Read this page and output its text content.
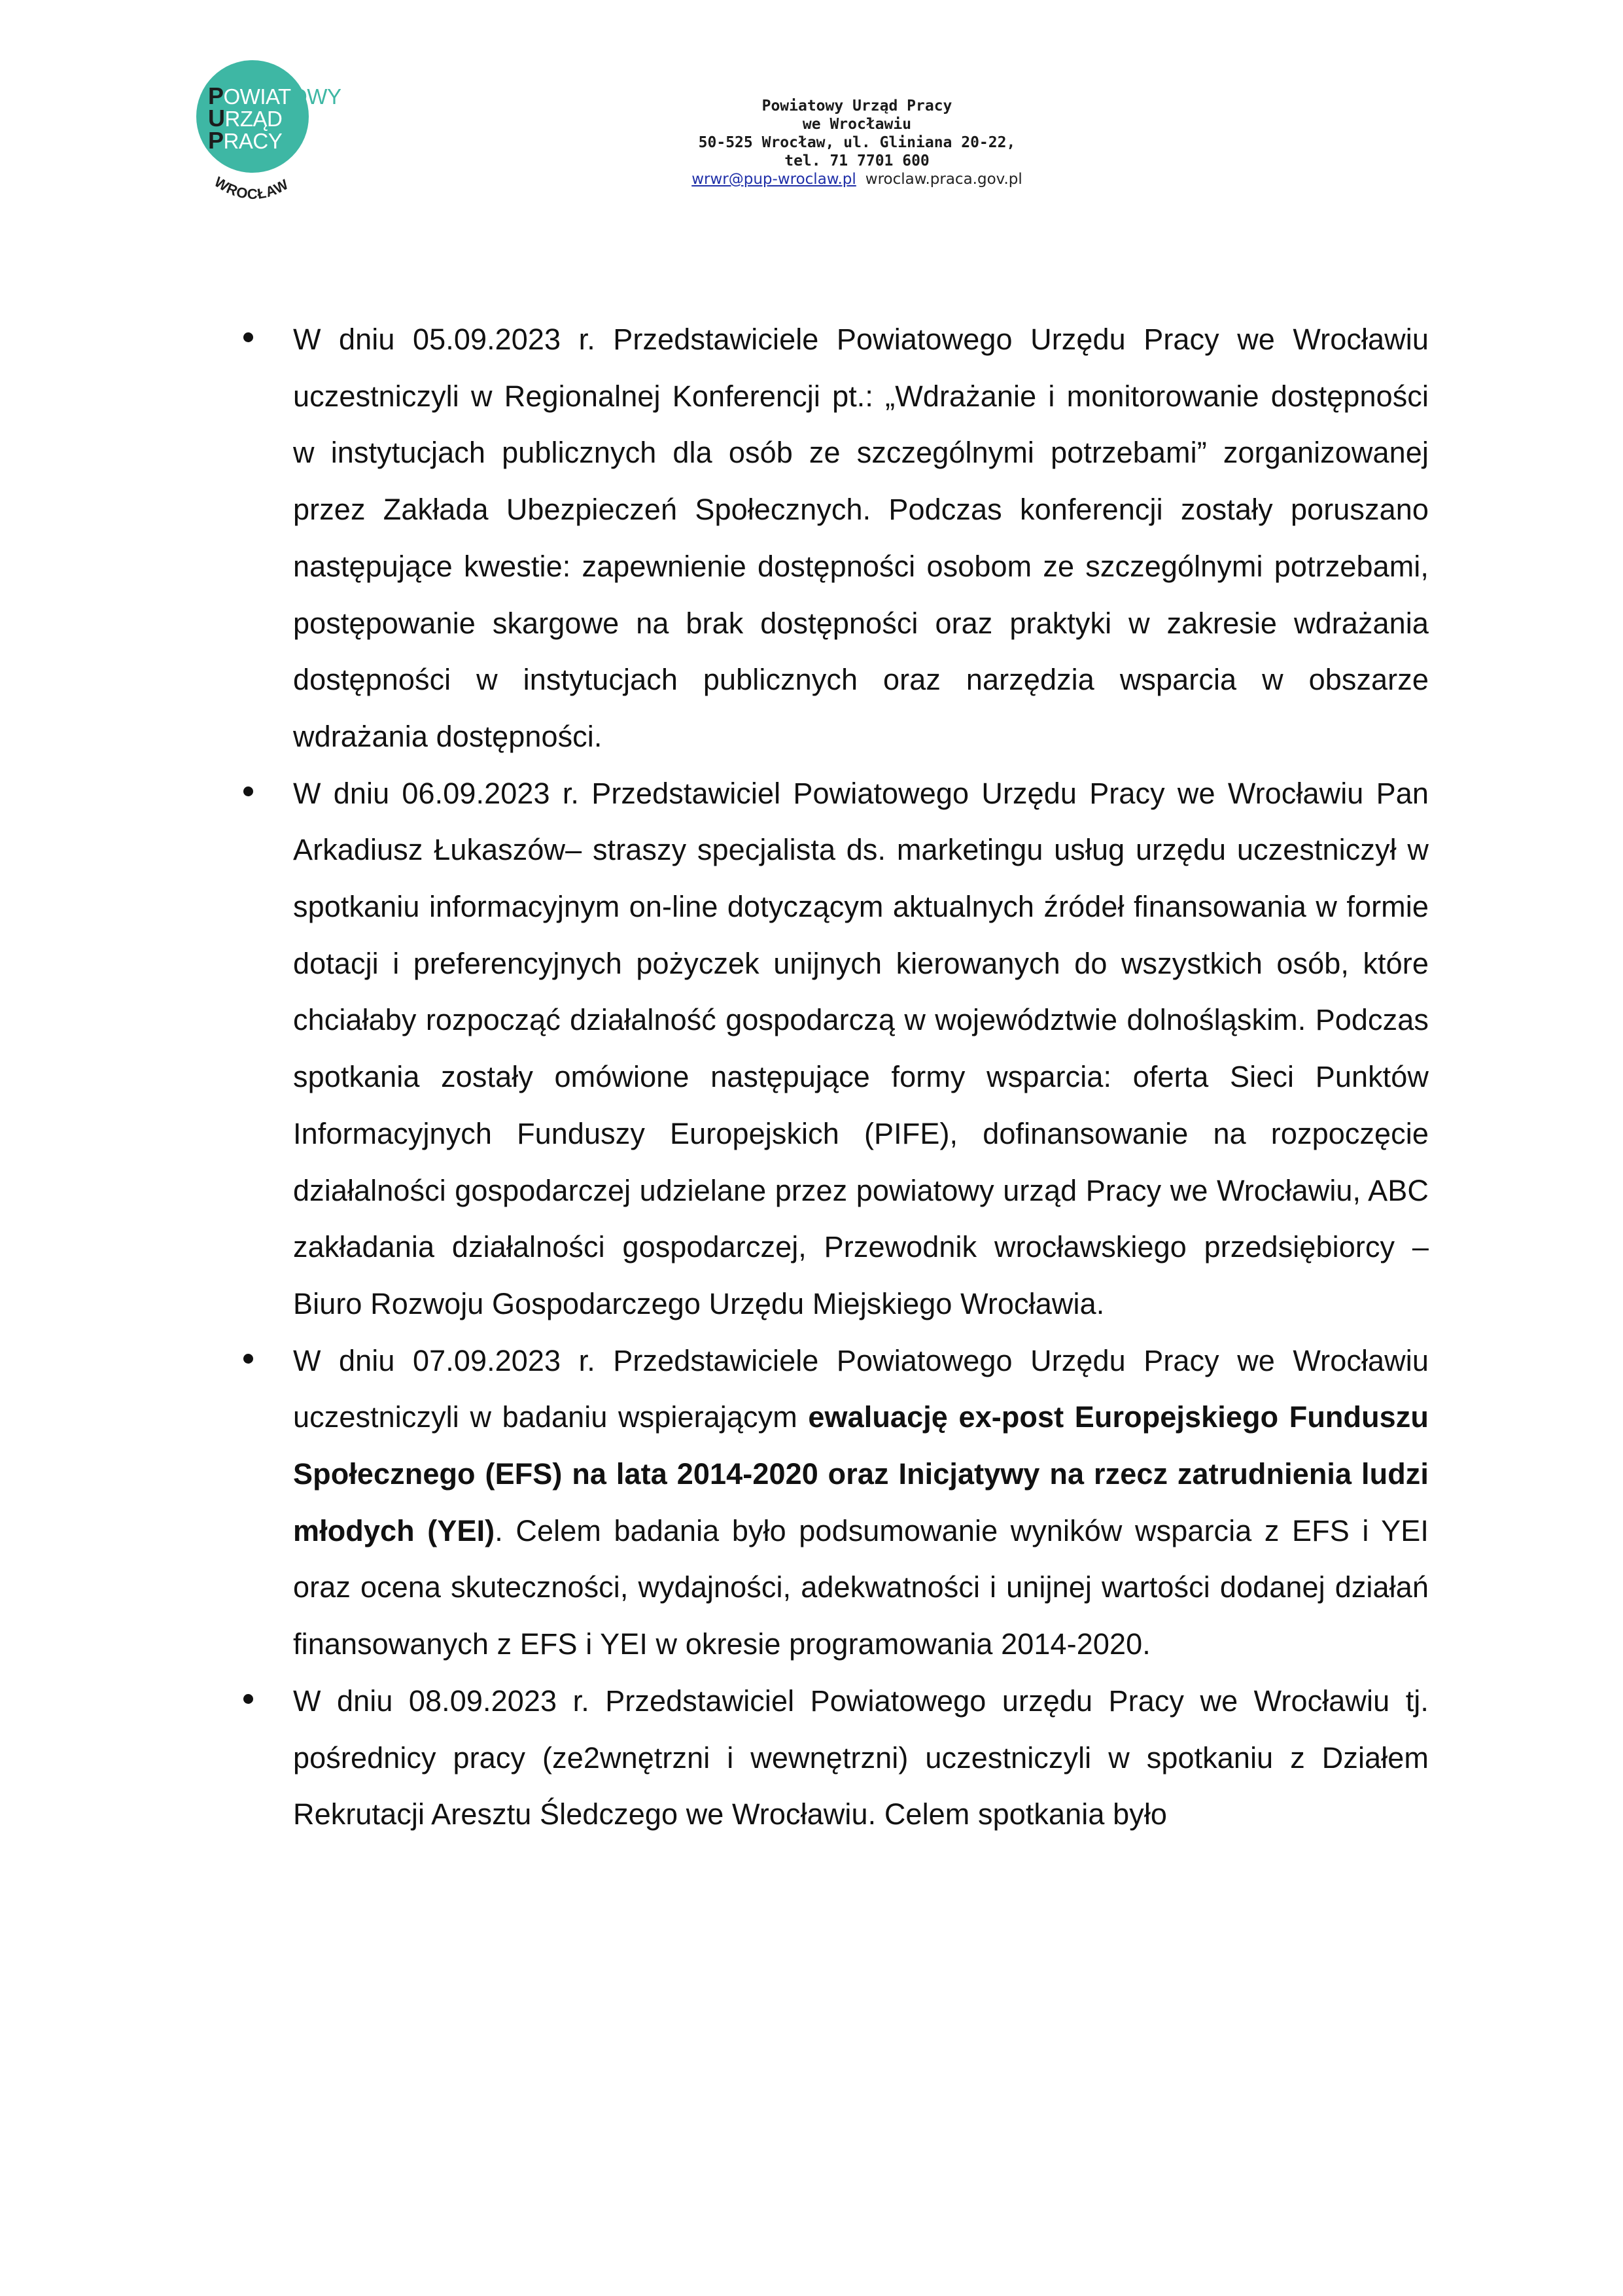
POWIATOWY
URZĄD
PRACY
WROCŁAW
Powiatowy Urząd Pracy
we Wrocławiu
50-525 Wrocław, ul. Gliniana 20-22,
tel. 71 7701 600
wrwr@pup-wroclaw.pl wroclaw.praca.gov.pl
W dniu 05.09.2023 r. Przedstawiciele Powiatowego Urzędu Pracy we Wrocławiu uczestniczyli w Regionalnej Konferencji pt.: „Wdrażanie i monitorowanie dostępności w instytucjach publicznych dla osób ze szczególnymi potrzebami” zorganizowanej przez Zakłada Ubezpieczeń Społecznych. Podczas konferencji zostały poruszano następujące kwestie: zapewnienie dostępności osobom ze szczególnymi potrzebami, postępowanie skargowe na brak dostępności oraz praktyki w zakresie wdrażania dostępności w instytucjach publicznych oraz narzędzia wsparcia w obszarze wdrażania dostępności.
W dniu 06.09.2023 r. Przedstawiciel Powiatowego Urzędu Pracy we Wrocławiu Pan Arkadiusz Łukaszów– straszy specjalista ds. marketingu usług urzędu uczestniczył w spotkaniu informacyjnym on-line dotyczącym aktualnych źródeł finansowania w formie dotacji i preferencyjnych pożyczek unijnych kierowanych do wszystkich osób, które chciałaby rozpocząć działalność gospodarczą w województwie dolnośląskim. Podczas spotkania zostały omówione następujące formy wsparcia: oferta Sieci Punktów Informacyjnych Funduszy Europejskich (PIFE), dofinansowanie na rozpoczęcie działalności gospodarczej udzielane przez powiatowy urząd Pracy we Wrocławiu, ABC zakładania działalności gospodarczej, Przewodnik wrocławskiego przedsiębiorcy – Biuro Rozwoju Gospodarczego Urzędu Miejskiego Wrocławia.
W dniu 07.09.2023 r. Przedstawiciele Powiatowego Urzędu Pracy we Wrocławiu uczestniczyli w badaniu wspierającym ewaluację ex-post Europejskiego Funduszu Społecznego (EFS) na lata 2014-2020 oraz Inicjatywy na rzecz zatrudnienia ludzi młodych (YEI). Celem badania było podsumowanie wyników wsparcia z EFS i YEI oraz ocena skuteczności, wydajności, adekwatności i unijnej wartości dodanej działań finansowanych z EFS i YEI w okresie programowania 2014-2020.
W dniu 08.09.2023 r. Przedstawiciel Powiatowego urzędu Pracy we Wrocławiu tj. pośrednicy pracy (ze2wnętrzni i wewnętrzni) uczestniczyli w spotkaniu z Działem Rekrutacji Aresztu Śledczego we Wrocławiu. Celem spotkania było
